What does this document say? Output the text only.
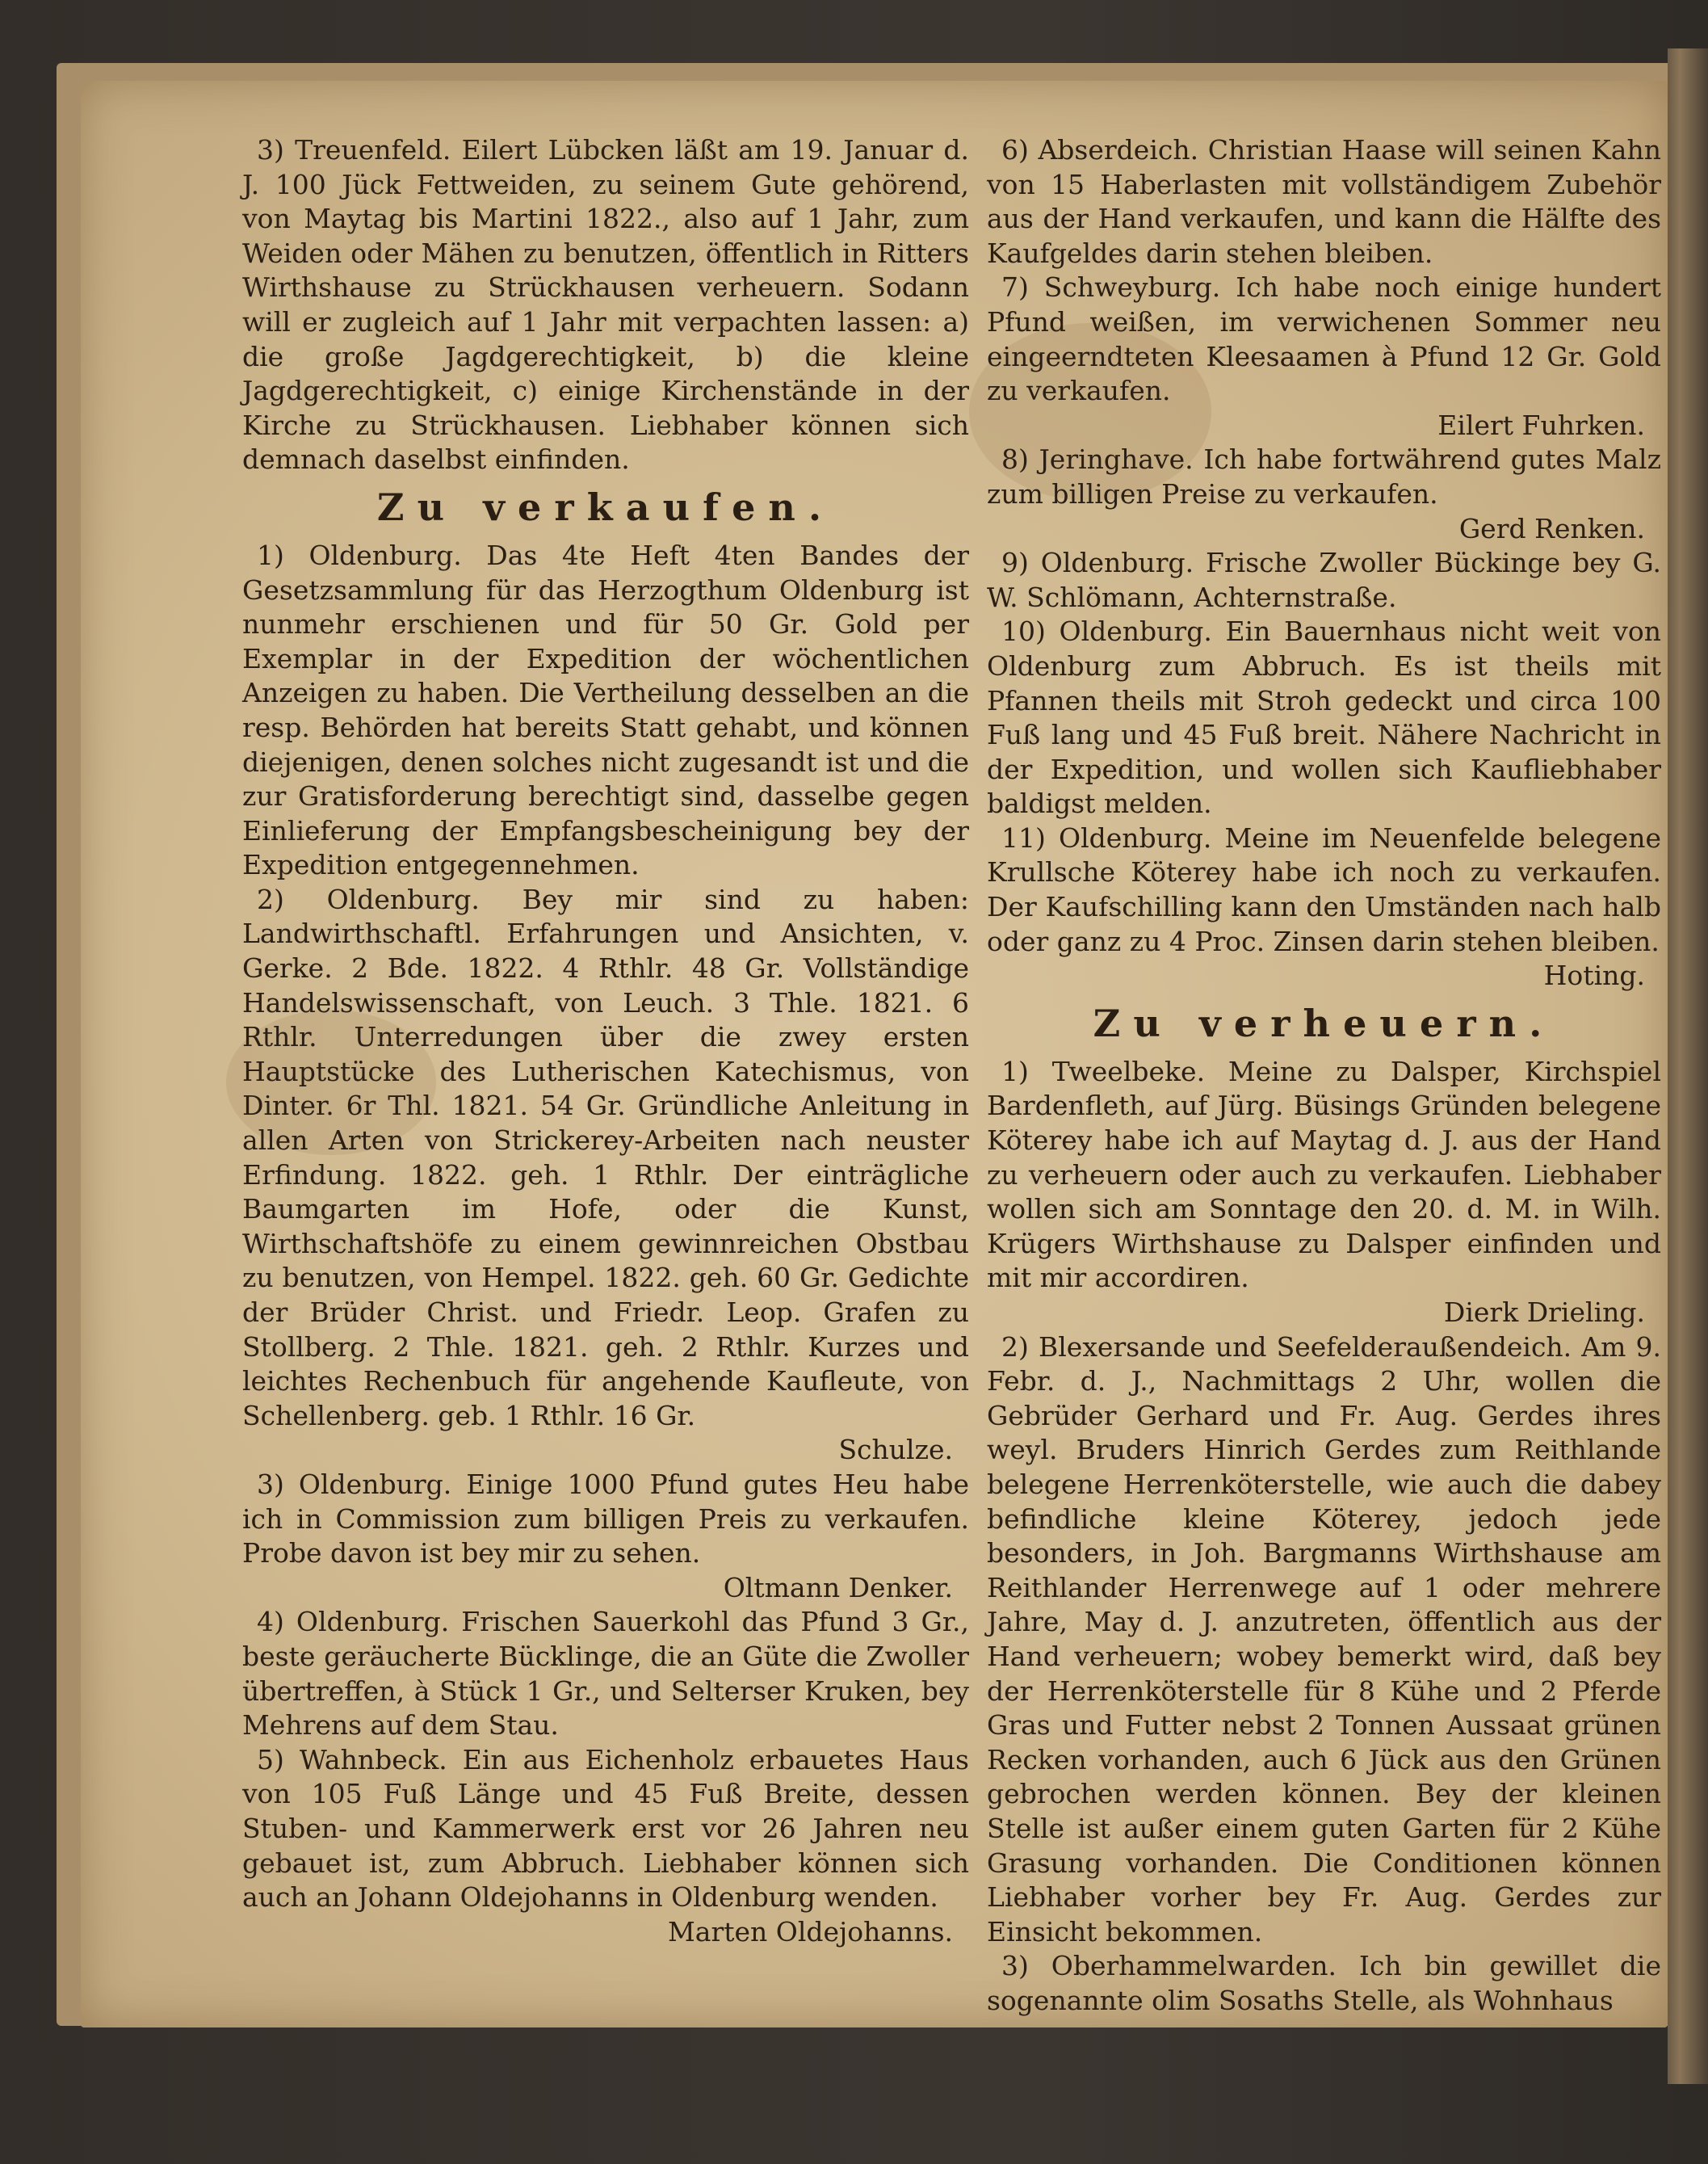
3) Treuenfeld. Eilert Lübcken läßt am 19. Januar d. J. 100 Jück Fettweiden, zu seinem Gute gehörend, von Maytag bis Martini 1822., also auf 1 Jahr, zum Weiden oder Mähen zu benutzen, öffentlich in Ritters Wirthshause zu Strückhausen verheuern. Sodann will er zugleich auf 1 Jahr mit verpachten lassen: a) die große Jagdgerechtigkeit, b) die kleine Jagdgerechtigkeit, c) einige Kirchenstände in der Kirche zu Strückhausen. Liebhaber können sich demnach daselbst einfinden.

Zu verkaufen.

1) Oldenburg. Das 4te Heft 4ten Bandes der Gesetzsammlung für das Herzogthum Oldenburg ist nunmehr erschienen und für 50 Gr. Gold per Exemplar in der Expedition der wöchentlichen Anzeigen zu haben. Die Vertheilung desselben an die resp. Behörden hat bereits Statt gehabt, und können diejenigen, denen solches nicht zugesandt ist und die zur Gratisforderung berechtigt sind, dasselbe gegen Einlieferung der Empfangsbescheinigung bey der Expedition entgegennehmen.

2) Oldenburg. Bey mir sind zu haben: Landwirthschaftl. Erfahrungen und Ansichten, v. Gerke. 2 Bde. 1822. 4 Rthlr. 48 Gr. Vollständige Handelswissenschaft, von Leuch. 3 Thle. 1821. 6 Rthlr. Unterredungen über die zwey ersten Hauptstücke des Lutherischen Katechismus, von Dinter. 6r Thl. 1821. 54 Gr. Gründliche Anleitung in allen Arten von Strickerey-Arbeiten nach neuster Erfindung. 1822. geh. 1 Rthlr. Der einträgliche Baumgarten im Hofe, oder die Kunst, Wirthschaftshöfe zu einem gewinnreichen Obstbau zu benutzen, von Hempel. 1822. geh. 60 Gr. Gedichte der Brüder Christ. und Friedr. Leop. Grafen zu Stollberg. 2 Thle. 1821. geh. 2 Rthlr. Kurzes und leichtes Rechenbuch für angehende Kaufleute, von Schellenberg. geb. 1 Rthlr. 16 Gr.

Schulze.

3) Oldenburg. Einige 1000 Pfund gutes Heu habe ich in Commission zum billigen Preis zu verkaufen. Probe davon ist bey mir zu sehen.

Oltmann Denker.

4) Oldenburg. Frischen Sauerkohl das Pfund 3 Gr., beste geräucherte Bücklinge, die an Güte die Zwoller übertreffen, à Stück 1 Gr., und Selterser Kruken, bey Mehrens auf dem Stau.

5) Wahnbeck. Ein aus Eichenholz erbauetes Haus von 105 Fuß Länge und 45 Fuß Breite, dessen Stuben- und Kammerwerk erst vor 26 Jahren neu gebauet ist, zum Abbruch. Liebhaber können sich auch an Johann Oldejohanns in Oldenburg wenden.

Marten Oldejohanns.

6) Abserdeich. Christian Haase will seinen Kahn von 15 Haberlasten mit vollständigem Zubehör aus der Hand verkaufen, und kann die Hälfte des Kaufgeldes darin stehen bleiben.

7) Schweyburg. Ich habe noch einige hundert Pfund weißen, im verwichenen Sommer neu eingeerndteten Kleesaamen à Pfund 12 Gr. Gold zu verkaufen.

Eilert Fuhrken.

8) Jeringhave. Ich habe fortwährend gutes Malz zum billigen Preise zu verkaufen.

Gerd Renken.

9) Oldenburg. Frische Zwoller Bückinge bey G. W. Schlömann, Achternstraße.

10) Oldenburg. Ein Bauernhaus nicht weit von Oldenburg zum Abbruch. Es ist theils mit Pfannen theils mit Stroh gedeckt und circa 100 Fuß lang und 45 Fuß breit. Nähere Nachricht in der Expedition, und wollen sich Kaufliebhaber baldigst melden.

11) Oldenburg. Meine im Neuenfelde belegene Krullsche Köterey habe ich noch zu verkaufen. Der Kaufschilling kann den Umständen nach halb oder ganz zu 4 Proc. Zinsen darin stehen bleiben.

Hoting.

Zu verheuern.

1) Tweelbeke. Meine zu Dalsper, Kirchspiel Bardenfleth, auf Jürg. Büsings Gründen belegene Köterey habe ich auf Maytag d. J. aus der Hand zu verheuern oder auch zu verkaufen. Liebhaber wollen sich am Sonntage den 20. d. M. in Wilh. Krügers Wirthshause zu Dalsper einfinden und mit mir accordiren.

Dierk Drieling.

2) Blexersande und Seefelderaußendeich. Am 9. Febr. d. J., Nachmittags 2 Uhr, wollen die Gebrüder Gerhard und Fr. Aug. Gerdes ihres weyl. Bruders Hinrich Gerdes zum Reithlande belegene Herrenköterstelle, wie auch die dabey befindliche kleine Köterey, jedoch jede besonders, in Joh. Bargmanns Wirthshause am Reithlander Herrenwege auf 1 oder mehrere Jahre, May d. J. anzutreten, öffentlich aus der Hand verheuern; wobey bemerkt wird, daß bey der Herrenköterstelle für 8 Kühe und 2 Pferde Gras und Futter nebst 2 Tonnen Aussaat grünen Recken vorhanden, auch 6 Jück aus den Grünen gebrochen werden können. Bey der kleinen Stelle ist außer einem guten Garten für 2 Kühe Grasung vorhanden. Die Conditionen können Liebhaber vorher bey Fr. Aug. Gerdes zur Einsicht bekommen.

3) Oberhammelwarden. Ich bin gewillet die sogenannte olim Sosaths Stelle, als Wohnhaus
